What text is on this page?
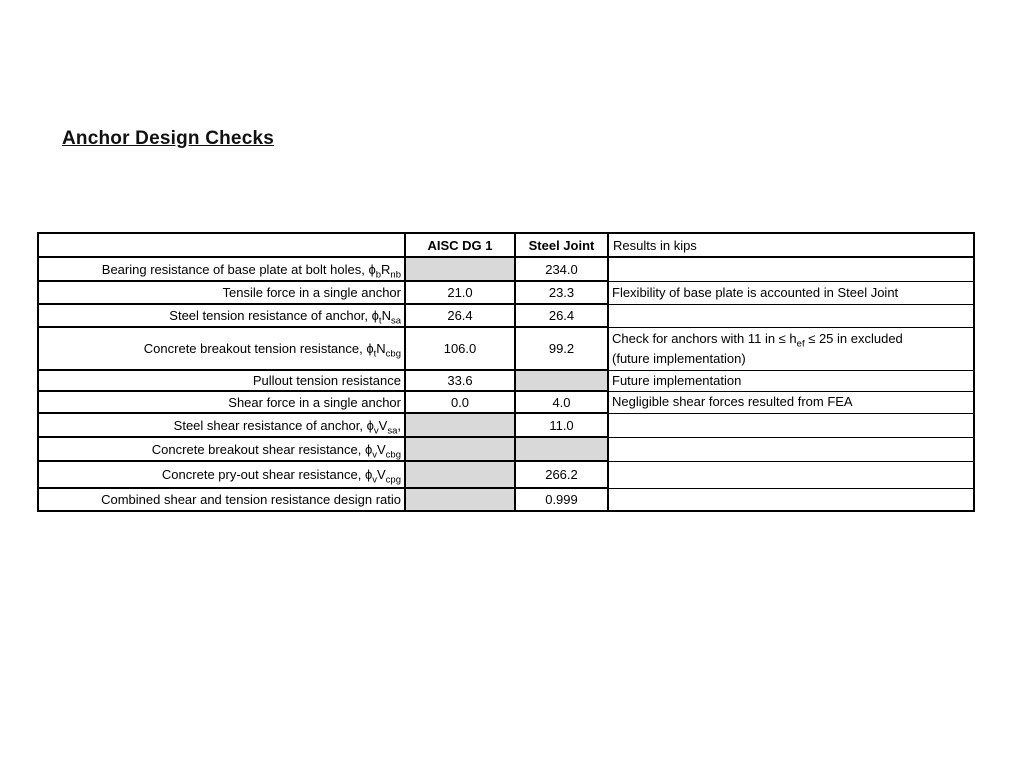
Anchor Design Checks
	AISC DG 1	Steel Joint	Results in kips
Bearing resistance of base plate at bolt holes, $\phi_bR_{nb}$		234.0	
Tensile force in a single anchor	21.0	23.3	Flexibility of base plate is accounted in Steel Joint
Steel tension resistance of anchor, $\phi_tN_{sa}$	26.4	26.4	
Concrete breakout tension resistance, $\phi_tN_{cbg}$	106.0	99.2	Check for anchors with 11 in ≤ $h_{ef} \le 25$ in excluded
(future implementation)
Pullout tension resistance	33.6		Future implementation
Shear force in a single anchor	0.0	4.0	Negligible shear forces resulted from FEA
Steel shear resistance of anchor, $\phi_vV_{sa}$,		11.0	
Concrete breakout shear resistance, $\phi_vV_{cbg}$			
Concrete pry-out shear resistance, $\phi_vV_{cpg}$		266.2	
Combined shear and tension resistance design ratio		0.999	
